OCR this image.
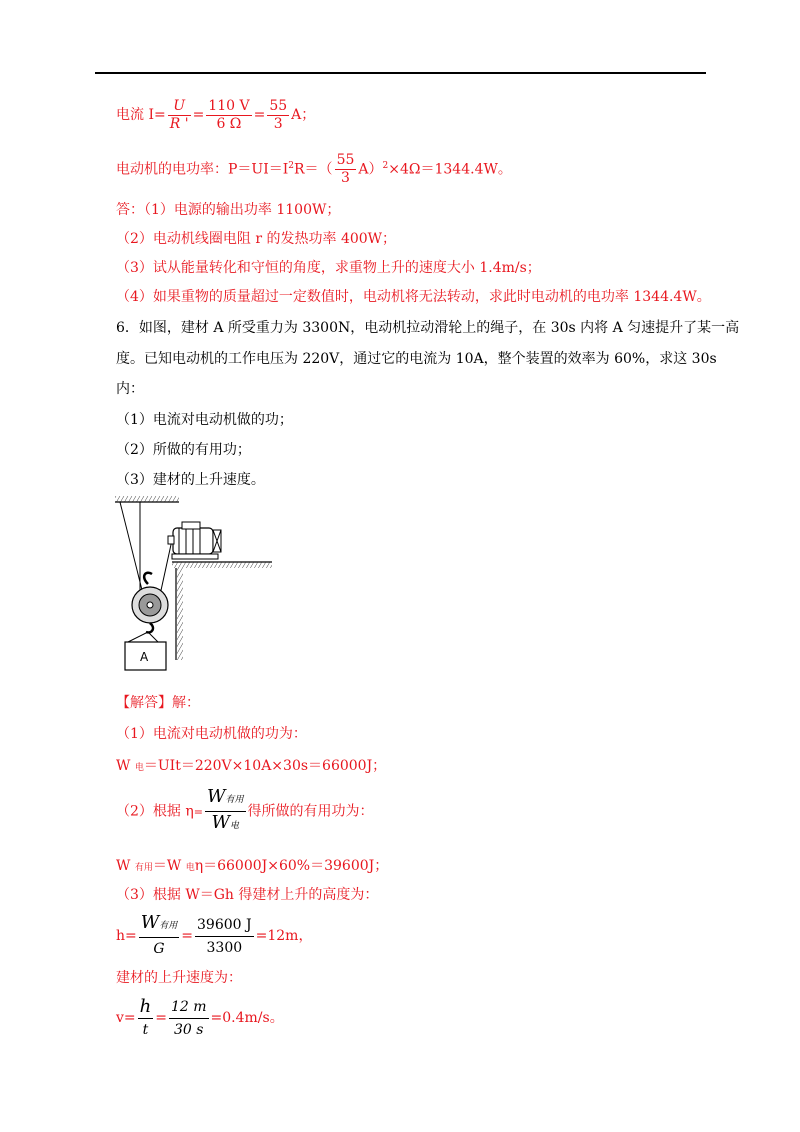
电流 $I= \frac{U}{R '} = \frac{110 V}{6 \Omega} = \frac{55}{3}$ A；
电动机的电功率：$P=UI=I^2R=( \frac{55}{3} A)^2\times 4\Omega=1344.4W$。
答：（1）电源的输出功率 1100W；
（2）电动机线圈电阻 r 的发热功率 400W；
（3）试从能量转化和守恒的角度，求重物上升的速度大小 1.4m/s；
（4）如果重物的质量超过一定数值时，电动机将无法转动，求此时电动机的电功率 1344.4W。
6．如图，建材 A 所受重力为 3300N，电动机拉动滑轮上的绳子，在 30s 内将 A 匀速提升了某一高
度。已知电动机的工作电压为 220V，通过它的电流为 10A，整个装置的效率为 60%，求这 30s
内：
（1）电流对电动机做的功；
（2）所做的有用功；
（3）建材的上升速度。
A
【解答】解：
（1）电流对电动机做的功为：
W 电＝UIt＝220V×10A×30s＝66000J；
（2）根据 $\eta= \frac{\text{W有用}}{\text{W电}}$ 得所做的有用功为：
W 有用＝W 电η＝66000J×60%＝39600J；
（3）根据 W＝Gh 得建材上升的高度为：
$h= \frac{\text{W有用}}{G} = \frac{39600 J}{3300} =12m$，
建材的上升速度为：
$v= \frac{h}{t} = \frac{12 m}{30 s} =0.4m/s$。
